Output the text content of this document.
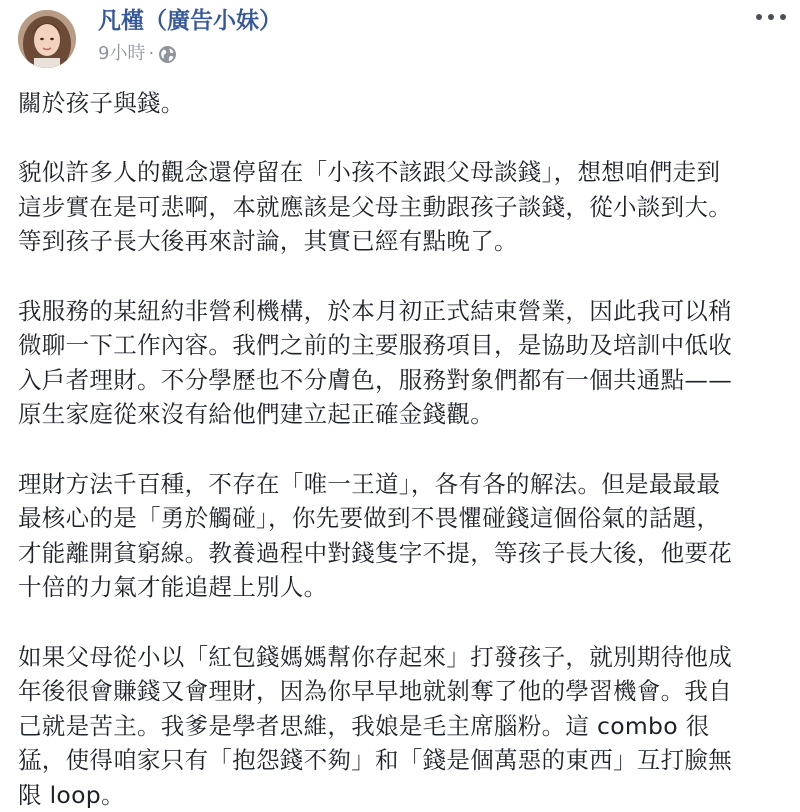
凡槿（廣告小妹）
9小時 ·

關於孩子與錢。

貌似許多人的觀念還停留在「小孩不該跟父母談錢」，想想咱們走到
這步實在是可悲啊，本就應該是父母主動跟孩子談錢，從小談到大。
等到孩子長大後再來討論，其實已經有點晚了。

我服務的某紐約非營利機構，於本月初正式結束營業，因此我可以稍
微聊一下工作內容。我們之前的主要服務項目，是協助及培訓中低收
入戶者理財。不分學歷也不分膚色，服務對象們都有一個共通點——
原生家庭從來沒有給他們建立起正確金錢觀。

理財方法千百種，不存在「唯一王道」，各有各的解法。但是最最最
最核心的是「勇於觸碰」，你先要做到不畏懼碰錢這個俗氣的話題，
才能離開貧窮線。教養過程中對錢隻字不提，等孩子長大後，他要花
十倍的力氣才能追趕上別人。

如果父母從小以「紅包錢媽媽幫你存起來」打發孩子，就別期待他成
年後很會賺錢又會理財，因為你早早地就剝奪了他的學習機會。我自
己就是苦主。我爹是學者思維，我娘是毛主席腦粉。這 combo 很
猛，使得咱家只有「抱怨錢不夠」和「錢是個萬惡的東西」互打臉無
限 loop。
